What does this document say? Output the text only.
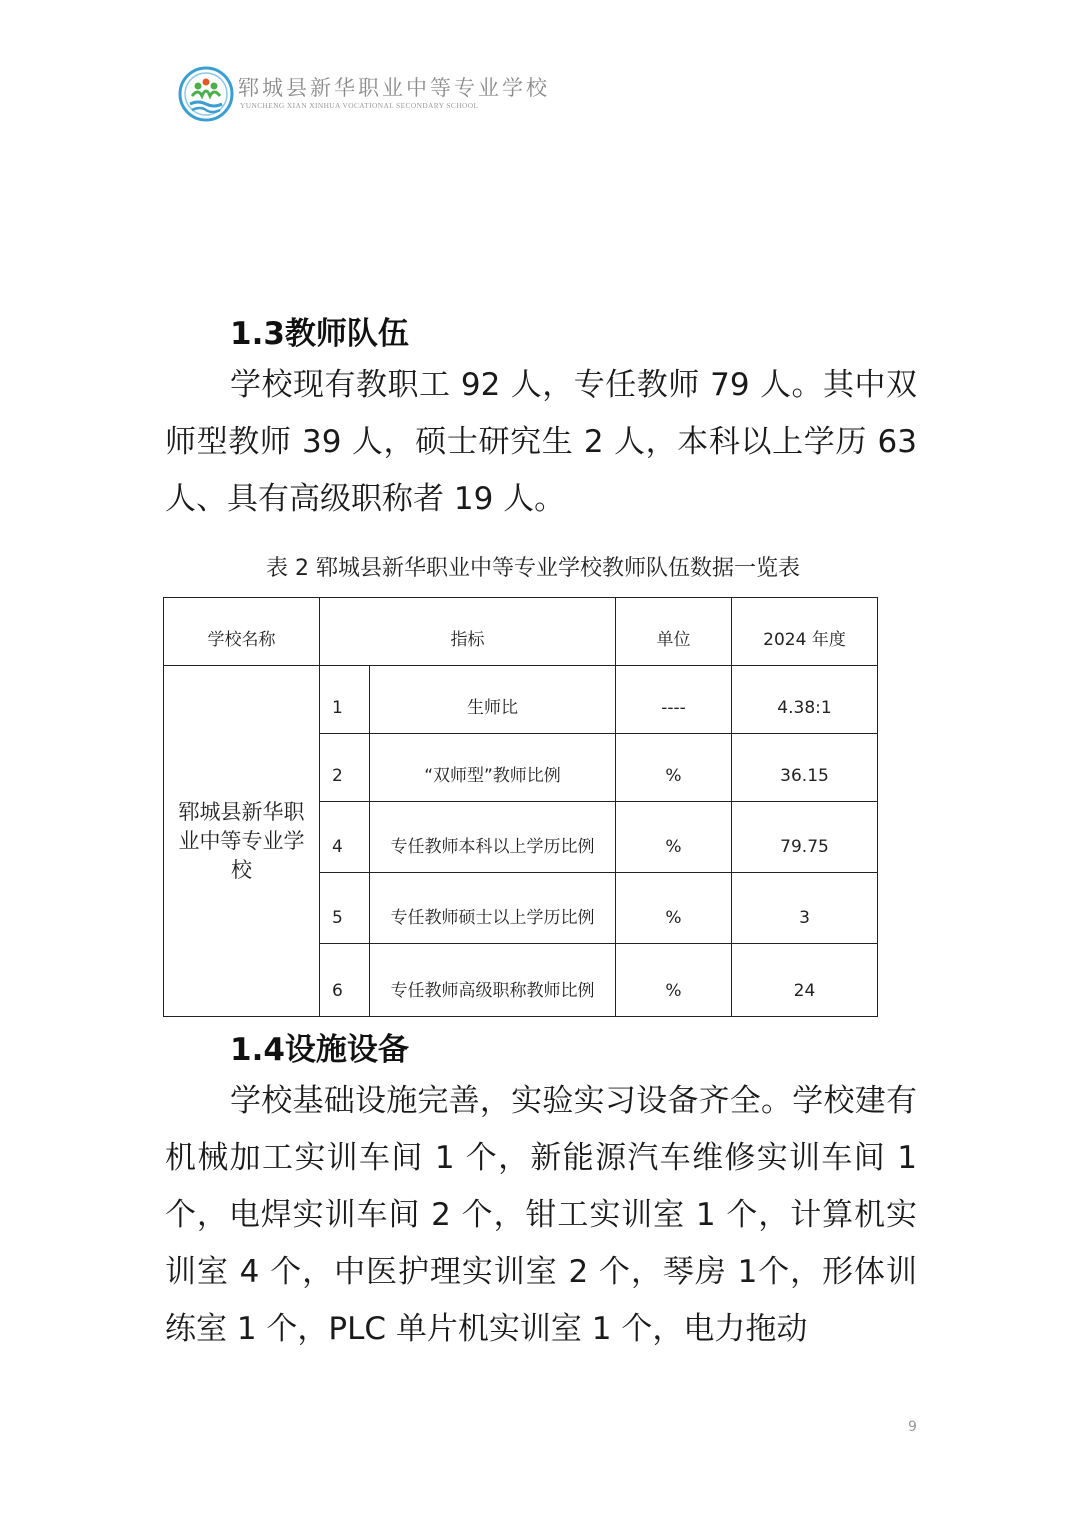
郓城县新华职业中等专业学校
YUNCHENG XIAN XINHUA VOCATIONAL SECONDARY SCHOOL
1.3教师队伍

学校现有教职工 92 人，专任教师 79 人。其中双师型教师 39 人，硕士研究生 2 人，本科以上学历 63 人、具有高级职称者 19 人。

表 2 郓城县新华职业中等专业学校教师队伍数据一览表
学校名称	指标		单位	2024 年度
郓城县新华职业中等专业学校	1	生师比	----	4.38:1
	2	“双师型”教师比例	%	36.15
	4	专任教师本科以上学历比例	%	79.75
	5	专任教师硕士以上学历比例	%	3
	6	专任教师高级职称教师比例	%	24
1.4设施设备

学校基础设施完善，实验实习设备齐全。学校建有机械加工实训车间 1 个，新能源汽车维修实训车间 1 个，电焊实训车间 2 个，钳工实训室 1 个，计算机实训室 4 个，中医护理实训室 2 个，琴房 1个，形体训练室 1 个，PLC 单片机实训室 1 个，电力拖动

9
